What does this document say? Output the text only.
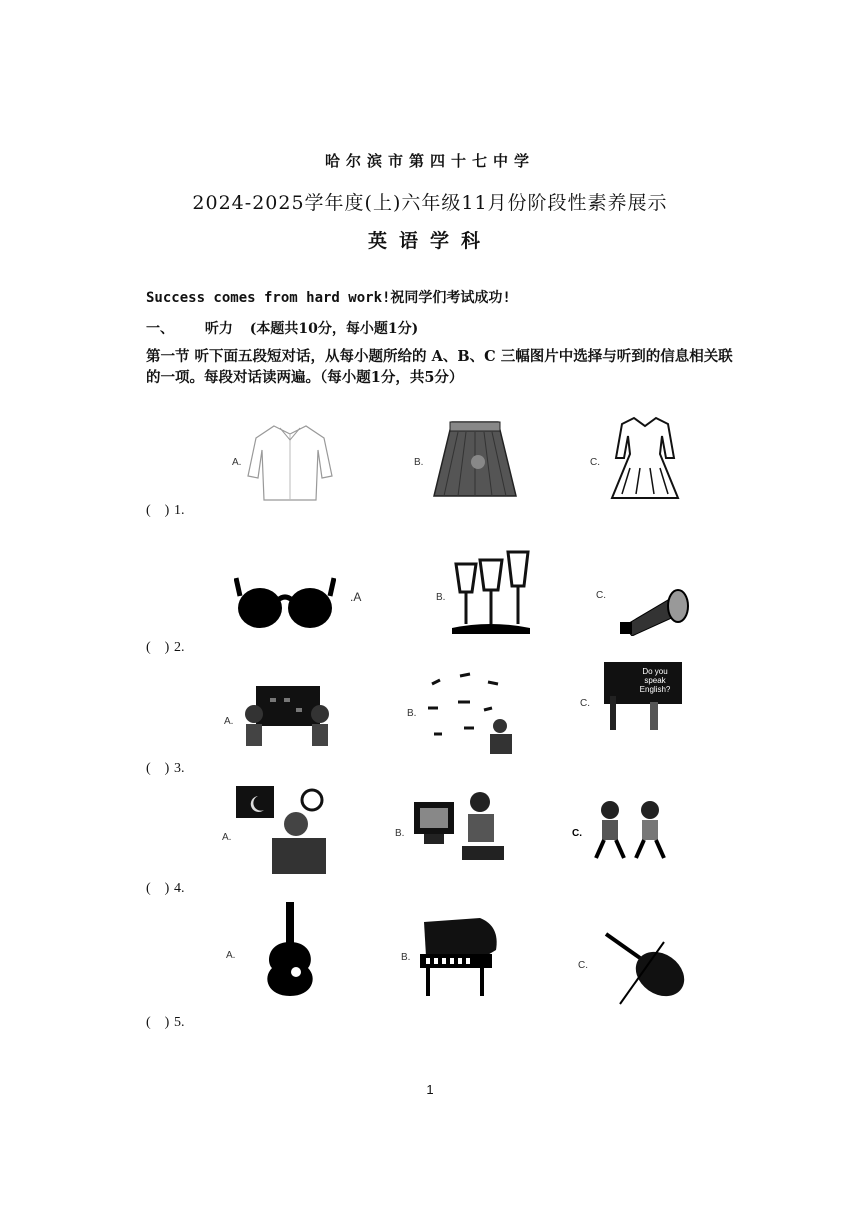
哈尔滨市第四十七中学
2024-2025学年度(上)六年级11月份阶段性素养展示
英语学科
Success comes from hard work!祝同学们考试成功!
一、 听力 (本题共10分，每小题1分)
第一节 听下面五段短对话，从每小题所给的 A、B、C 三幅图片中选择与听到的信息相关联的一项。每段对话读两遍。（每小题1分，共5分）
A.	B.	C.
(　) 1.
.A	B.	C.
(　) 2.
A.
B.
C.
Do you speak English?
(　) 3.
A.	B.	C.
(　) 4.
A.	B.
C.
(　) 5.
1
